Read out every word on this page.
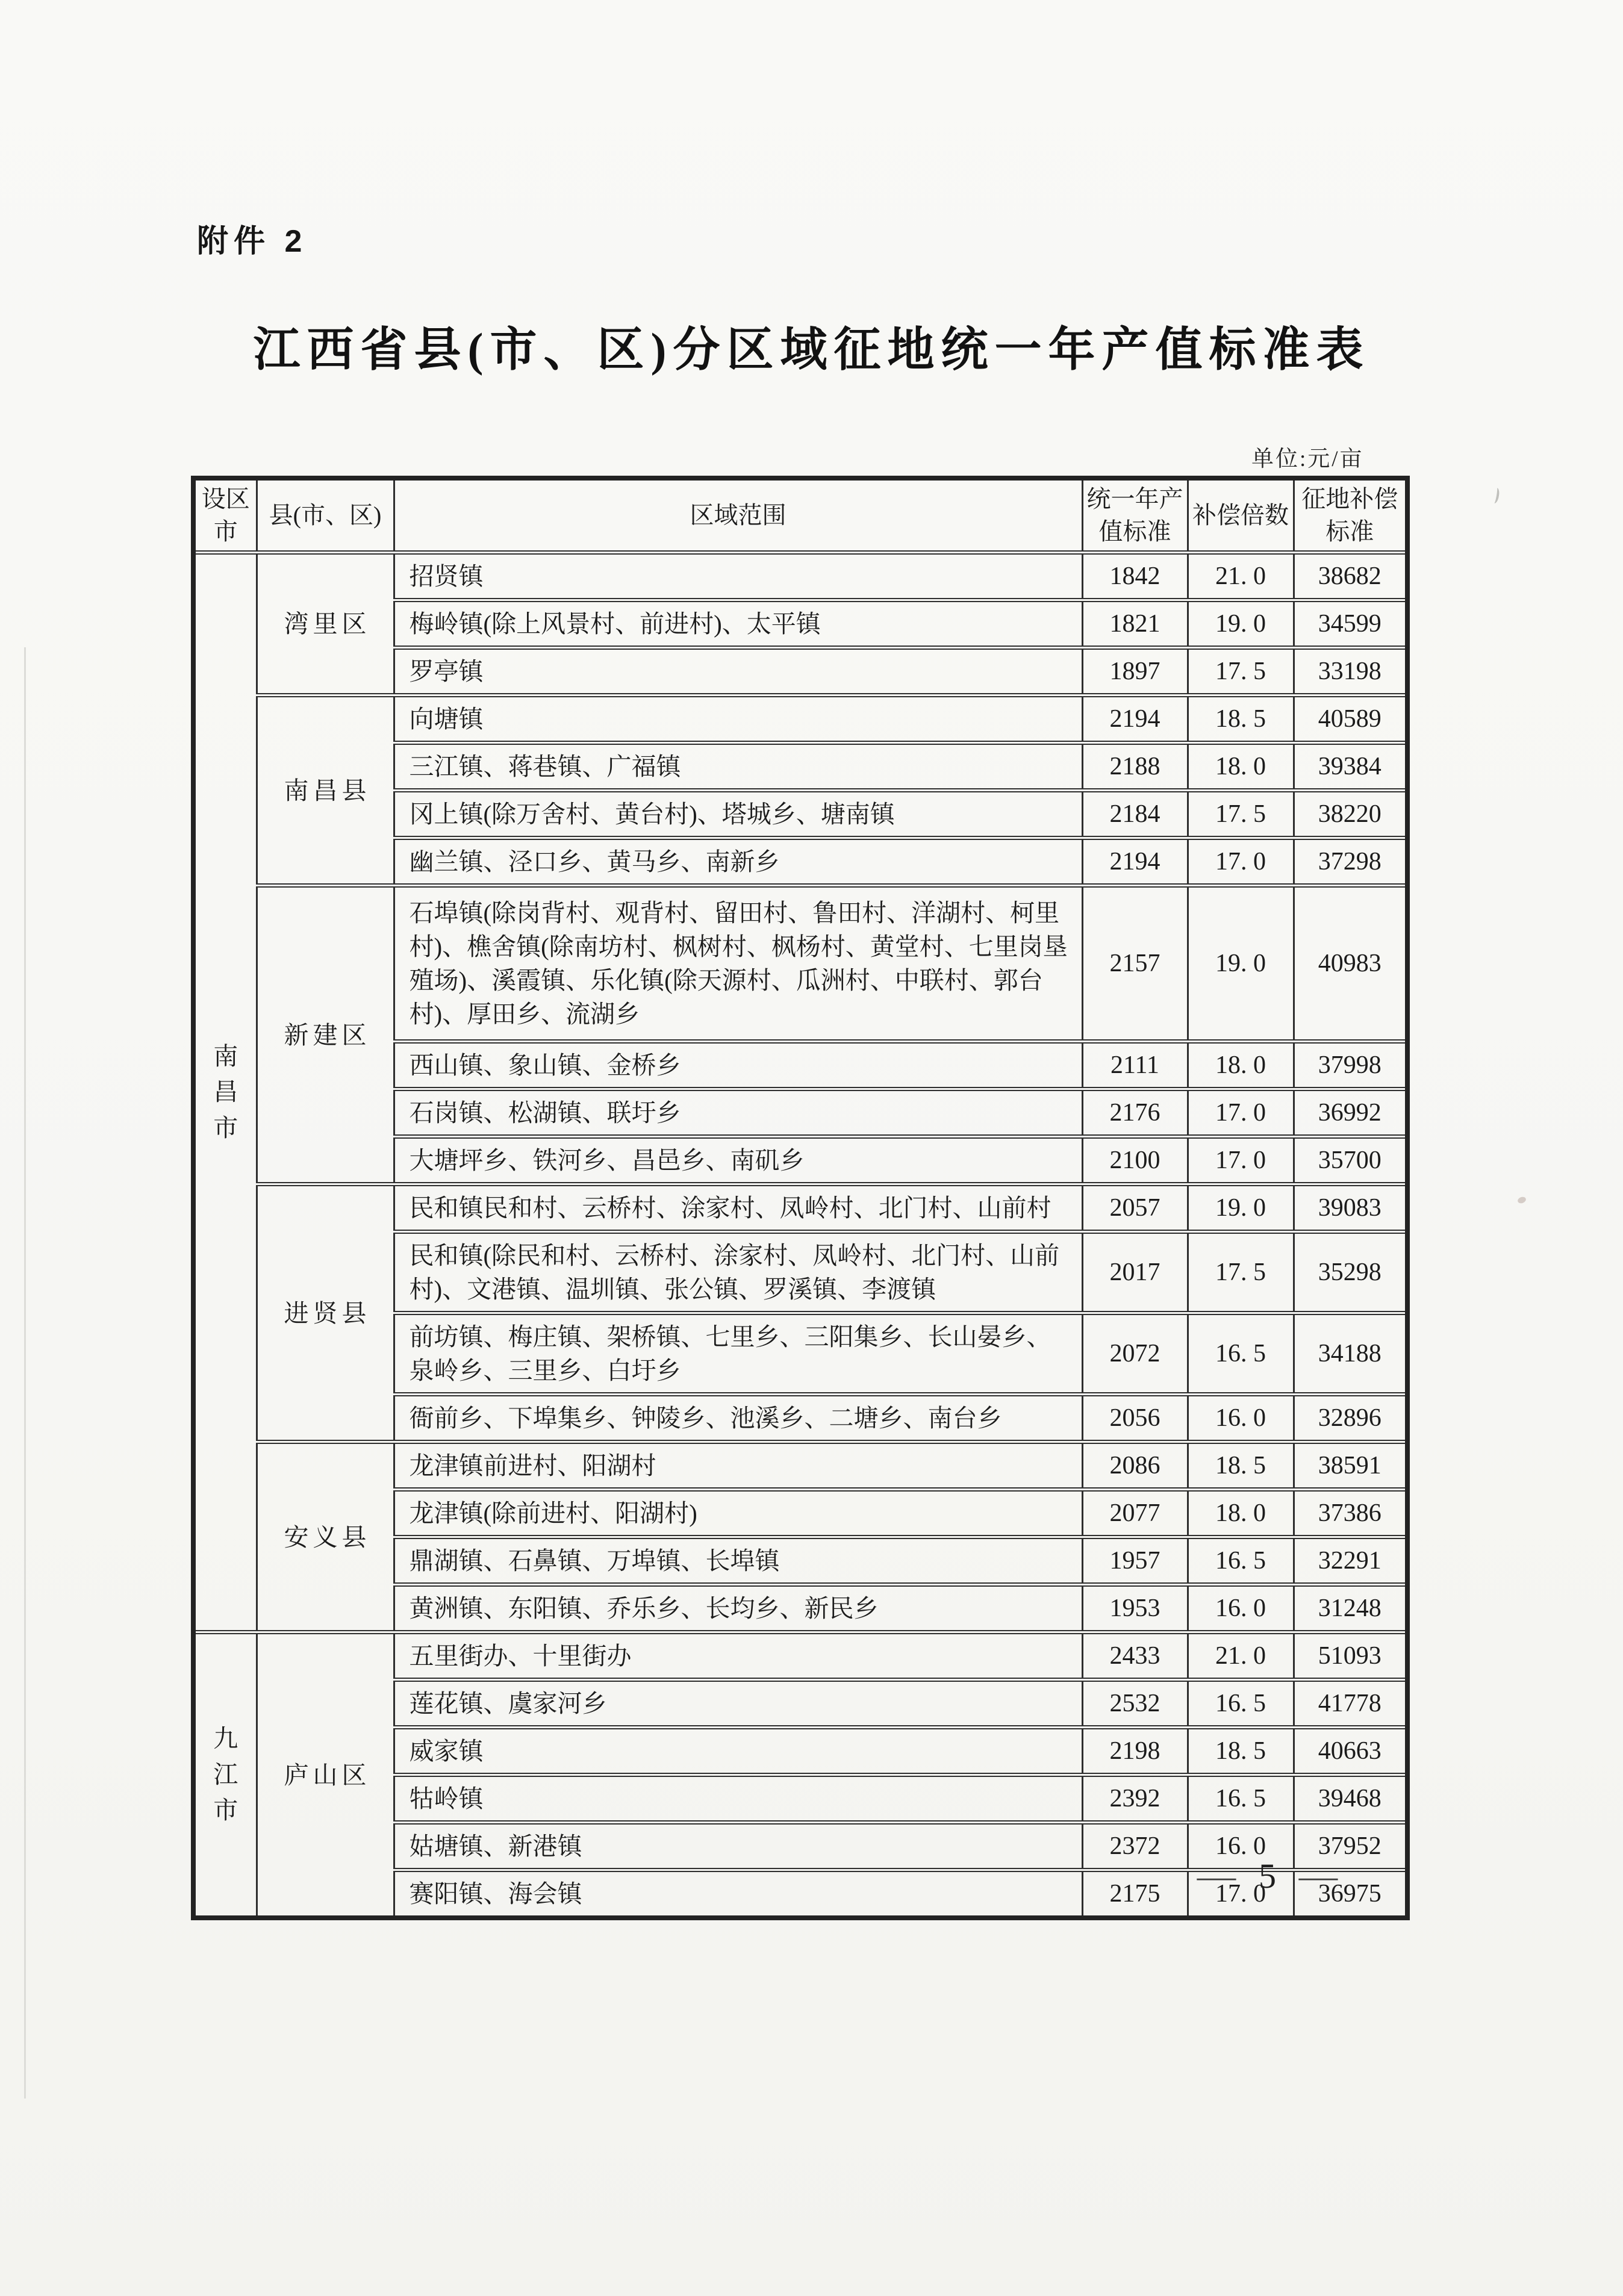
附件 2
江西省县(市、区)分区域征地统一年产值标准表
单位:元/亩
设区市	县(市、区)	区域范围	统一年产值标准	补偿倍数	征地补偿标准
南昌市	湾里区	招贤镇	1842	21. 0	38682
		梅岭镇(除上风景村、前进村)、太平镇	1821	19. 0	34599
		罗亭镇	1897	17. 5	33198
	南昌县	向塘镇	2194	18. 5	40589
		三江镇、蒋巷镇、广福镇	2188	18. 0	39384
		冈上镇(除万舍村、黄台村)、塔城乡、塘南镇	2184	17. 5	38220
		幽兰镇、泾口乡、黄马乡、南新乡	2194	17. 0	37298
	新建区	石埠镇(除岗背村、观背村、留田村、鲁田村、洋湖村、柯里村)、樵舍镇(除南坊村、枫树村、枫杨村、黄堂村、七里岗垦殖场)、溪霞镇、乐化镇(除天源村、瓜洲村、中联村、郭台村)、厚田乡、流湖乡	2157	19. 0	40983
		西山镇、象山镇、金桥乡	2111	18. 0	37998
		石岗镇、松湖镇、联圩乡	2176	17. 0	36992
		大塘坪乡、铁河乡、昌邑乡、南矶乡	2100	17. 0	35700
	进贤县	民和镇民和村、云桥村、涂家村、凤岭村、北门村、山前村	2057	19. 0	39083
		民和镇(除民和村、云桥村、涂家村、凤岭村、北门村、山前村)、文港镇、温圳镇、张公镇、罗溪镇、李渡镇	2017	17. 5	35298
		前坊镇、梅庄镇、架桥镇、七里乡、三阳集乡、长山晏乡、泉岭乡、三里乡、白圩乡	2072	16. 5	34188
		衙前乡、下埠集乡、钟陵乡、池溪乡、二塘乡、南台乡	2056	16. 0	32896
	安义县	龙津镇前进村、阳湖村	2086	18. 5	38591
		龙津镇(除前进村、阳湖村)	2077	18. 0	37386
		鼎湖镇、石鼻镇、万埠镇、长埠镇	1957	16. 5	32291
		黄洲镇、东阳镇、乔乐乡、长均乡、新民乡	1953	16. 0	31248
九江市	庐山区	五里街办、十里街办	2433	21. 0	51093
		莲花镇、虞家河乡	2532	16. 5	41778
		威家镇	2198	18. 5	40663
		牯岭镇	2392	16. 5	39468
		姑塘镇、新港镇	2372	16. 0	37952
		赛阳镇、海会镇	2175	17. 0	36975
— 5 —
